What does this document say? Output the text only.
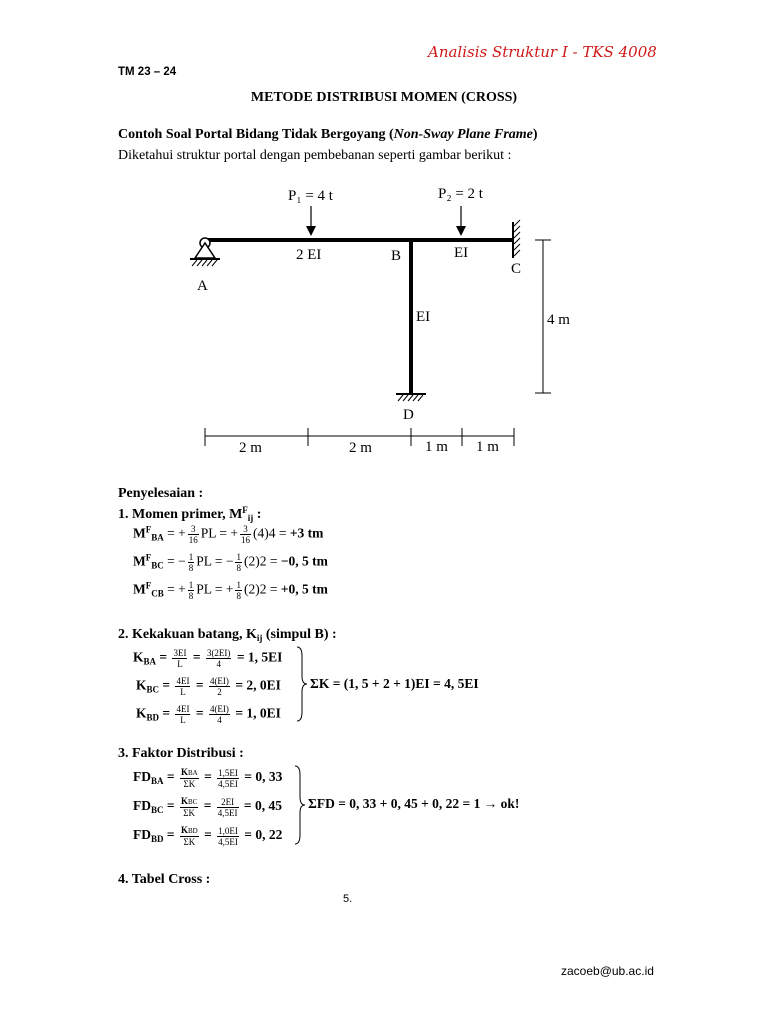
Analisis Struktur I - TKS 4008
TM 23 – 24
METODE DISTRIBUSI MOMEN (CROSS)
Contoh Soal Portal Bidang Tidak Bergoyang (Non-Sway Plane Frame)
Diketahui struktur portal dengan pembebanan seperti gambar berikut :
P₁ = 4 t	P₂ = 2 t
2 EI	EI
EI
A
B
C
D
4 m
2 m	2 m	1 m 1 m
Penyelesaian :
1. Momen primer, $M^F_{ij}$ :
$M^F_{BA}$ = + $\frac{3}{16}$ PL = + $\frac{3}{16} (4)4 = +3$ tm
$M^F_{BC}$ = − $\frac{1}{8}$ PL = − $\frac{1}{8} (2)2 = -0$, 5 tm
$M^F_{CB}$ = + $\frac{1}{8}$ PL = + $\frac{1}{8} (2)2 = +0$, 5 tm
2. Kekakuan batang, $K_{ij}$ (simpul B) :
$K_{BA} = \frac{3EI}{L} = \frac{3(2EI)}{4} = 1$, 5EI
$K_{BC} = \frac{4EI}{L} = \frac{4(EI)}{2} = 2$, 0EI
$K_{BD} = \frac{4EI}{L} = \frac{4(EI)}{4} = 1$, 0EI
ΣK = (1, 5 + 2 + 1)EI = 4, 5EI
3. Faktor Distribusi :
$FD_{BA} = \frac{\text{KBA}}{\Sigma K} = \frac{1,5EI}{4,5EI} = 0$, 33
$FD_{BC} = \frac{\text{KBC}}{\Sigma K} = \frac{2EI}{4,5EI} = 0$, 45
$FD_{BD} = \frac{\text{KBD}}{\Sigma K} = \frac{1,0EI}{4,5EI} = 0$, 22
ΣFD = 0, 33 + 0, 45 + 0, 22 = 1 → ok!
4. Tabel Cross :
5.
zacoeb@ub.ac.id
